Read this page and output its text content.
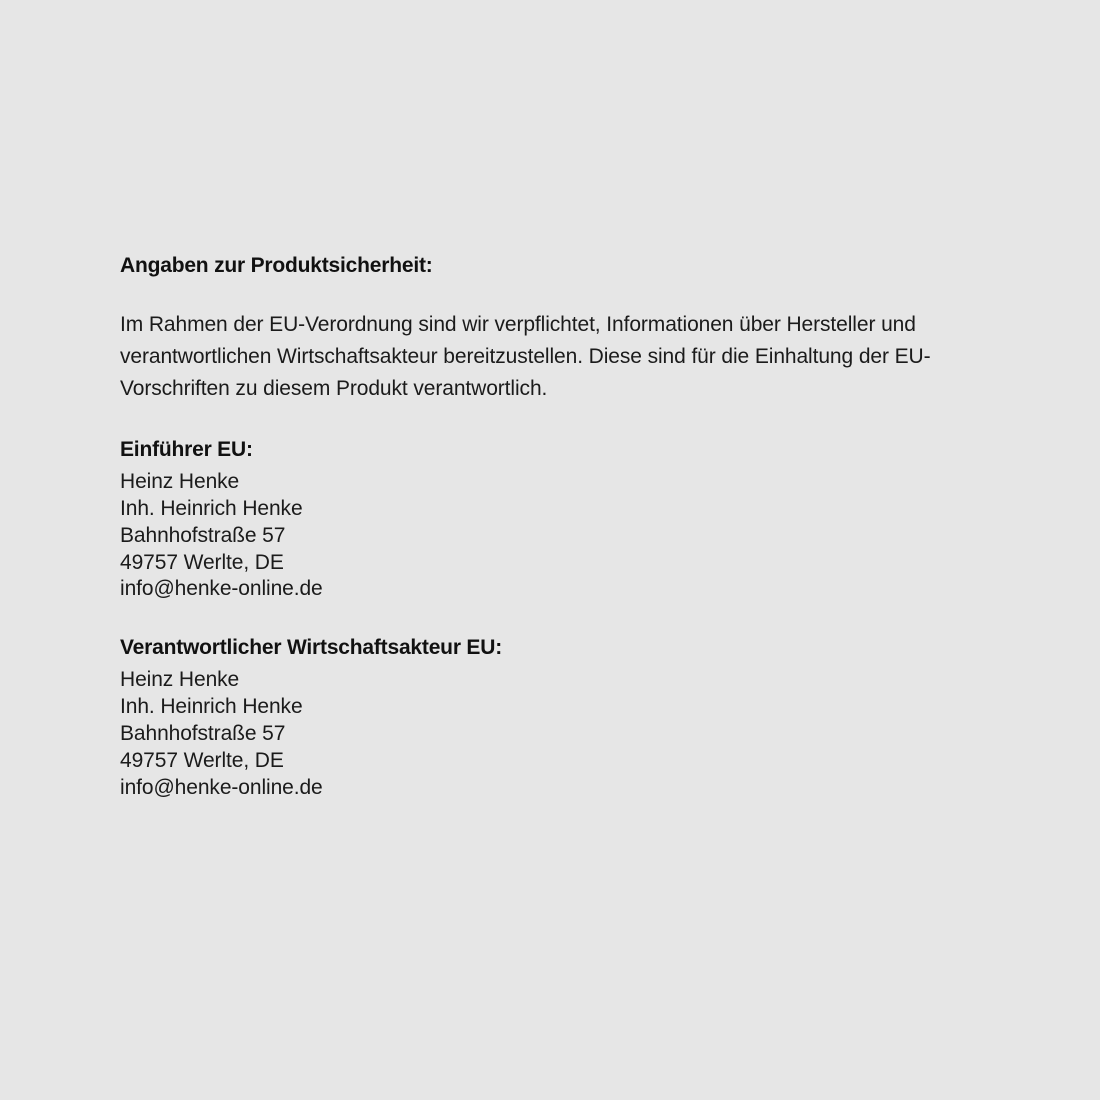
Angaben zur Produktsicherheit:

Im Rahmen der EU-Verordnung sind wir verpflichtet, Informationen über Hersteller und verantwortlichen Wirtschaftsakteur bereitzustellen. Diese sind für die Einhaltung der EU-Vorschriften zu diesem Produkt verantwortlich.

Einführer EU:
Heinz Henke
Inh. Heinrich Henke
Bahnhofstraße 57
49757 Werlte, DE
info@henke-online.de
Verantwortlicher Wirtschaftsakteur EU:
Heinz Henke
Inh. Heinrich Henke
Bahnhofstraße 57
49757 Werlte, DE
info@henke-online.de
